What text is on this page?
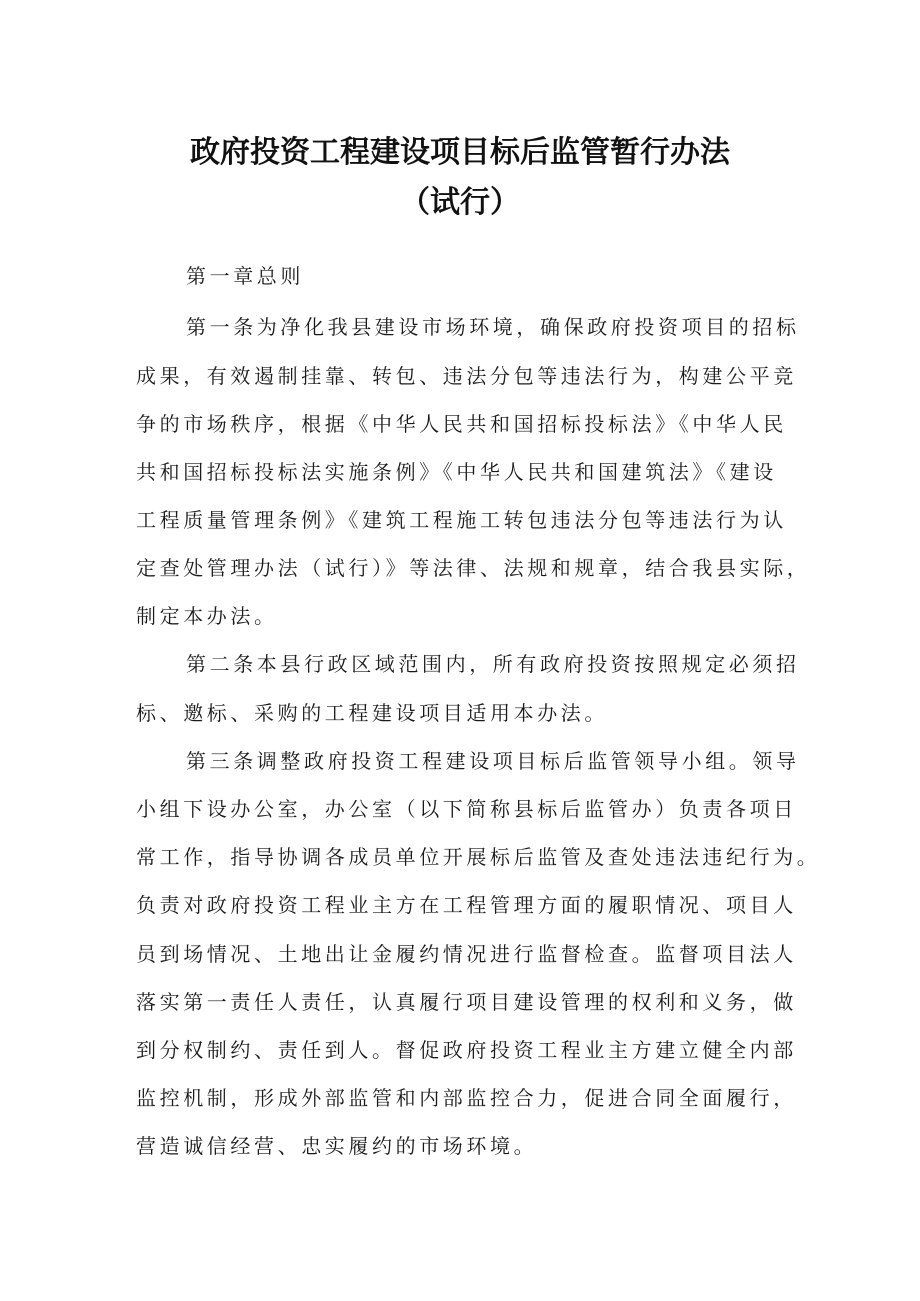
政府投资工程建设项目标后监管暂行办法
（试行）
第一章总则
第一条为净化我县建设市场环境，确保政府投资项目的招标
成果，有效遏制挂靠、转包、违法分包等违法行为，构建公平竞
争的市场秩序，根据《中华人民共和国招标投标法》《中华人民
共和国招标投标法实施条例》《中华人民共和国建筑法》《建设
工程质量管理条例》《建筑工程施工转包违法分包等违法行为认
定查处管理办法（试行）》等法律、法规和规章，结合我县实际，
制定本办法。
第二条本县行政区域范围内，所有政府投资按照规定必须招
标、邀标、采购的工程建设项目适用本办法。
第三条调整政府投资工程建设项目标后监管领导小组。领导
小组下设办公室，办公室（以下简称县标后监管办）负责各项日
常工作，指导协调各成员单位开展标后监管及查处违法违纪行为。
负责对政府投资工程业主方在工程管理方面的履职情况、项目人
员到场情况、土地出让金履约情况进行监督检查。监督项目法人
落实第一责任人责任，认真履行项目建设管理的权利和义务，做
到分权制约、责任到人。督促政府投资工程业主方建立健全内部
监控机制，形成外部监管和内部监控合力，促进合同全面履行，
营造诚信经营、忠实履约的市场环境。
